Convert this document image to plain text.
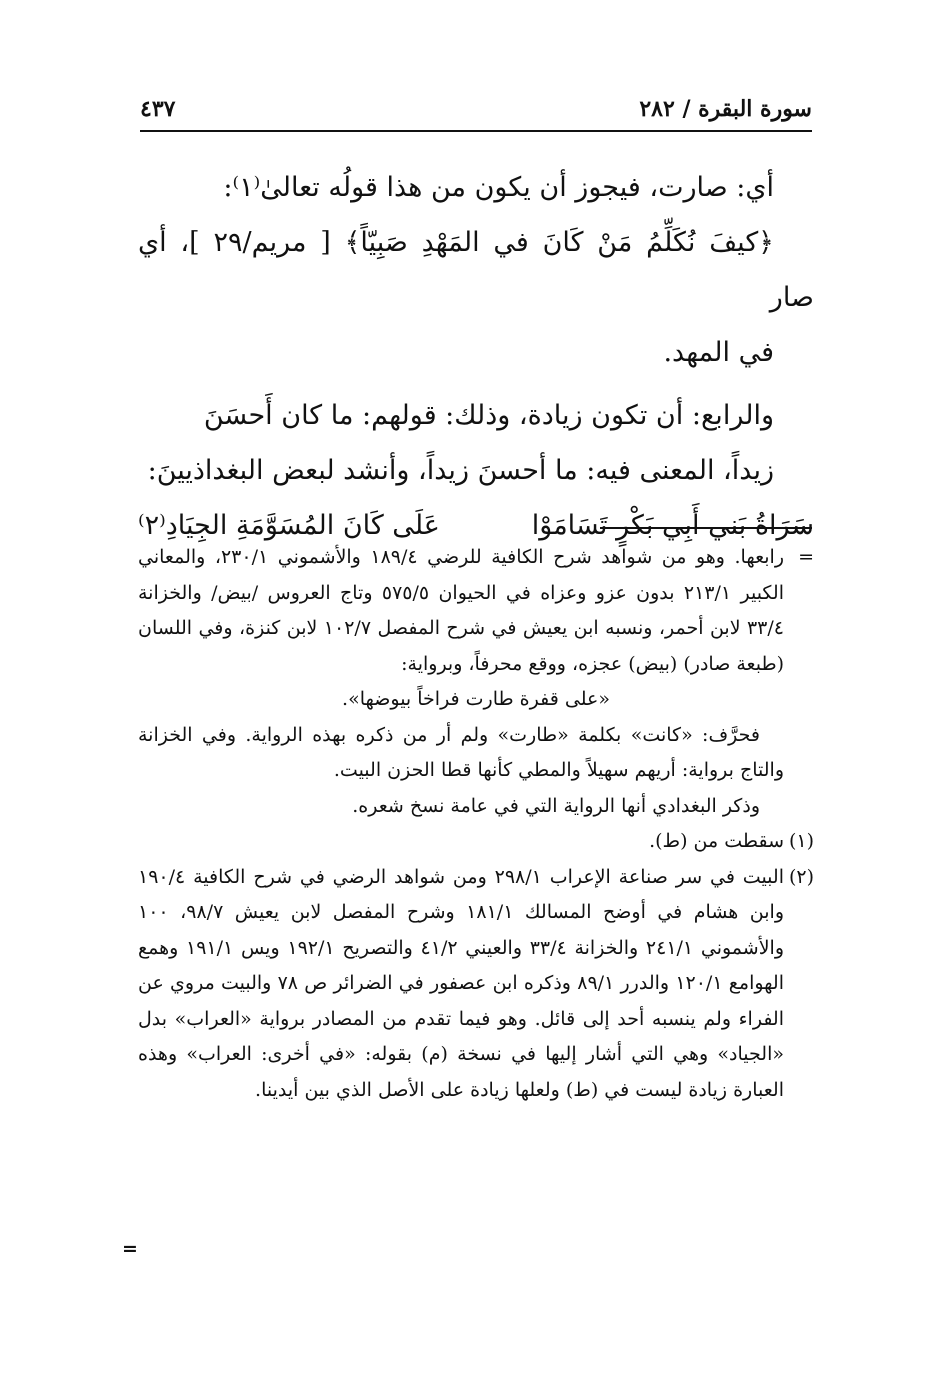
سورة البقرة / ٢٨٢
٤٣٧

أي: صارت، فيجوز أن يكون من هذا قولُه تعالىٰ⁽١⁾:
﴿كيفَ نُكَلِّمُ مَنْ كَانَ في المَهْدِ صَبِيّاً﴾ [ مريم/٢٩ ]، أي صار
في المهد.

والرابع: أن تكون زيادة، وذلك: قولهم: ما كان أَحسَنَ
زيداً، المعنى فيه: ما أحسنَ زيداً، وأنشد لبعض البغداذيينَ:

سَرَاةُ بَني أَبِي بَكْرٍ تَسَامَوْا
عَلَى كَانَ المُسَوَّمَةِ الجِيَادِ⁽٢⁾
=

رابعها. وهو من شواهد شرح الكافية للرضي ١٨٩/٤ والأشموني ٢٣٠/١، والمعاني الكبير ٢١٣/١ بدون عزو وعزاه في الحيوان ٥٧٥/٥ وتاج العروس /بيض/ والخزانة ٣٣/٤ لابن أحمر، ونسبه ابن يعيش في شرح المفصل ١٠٢/٧ لابن كنزة، وفي اللسان (طبعة صادر) (بيض) عجزه، ووقع محرفاً، وبرواية:

«على قفرة طارت فراخاً بيوضها».

فحرَّف: «كانت» بكلمة «طارت» ولم أر من ذكره بهذه الرواية. وفي الخزانة والتاج برواية: أريهم سهيلاً والمطي كأنها قطا الحزن البيت.

وذكر البغدادي أنها الرواية التي في عامة نسخ شعره.

(١)

سقطت من (ط).

(٢)

البيت في سر صناعة الإعراب ٢٩٨/١ ومن شواهد الرضي في شرح الكافية ١٩٠/٤ وابن هشام في أوضح المسالك ١٨١/١ وشرح المفصل لابن يعيش ٩٨/٧، ١٠٠ والأشموني ٢٤١/١ والخزانة ٣٣/٤ والعيني ٤١/٢ والتصريح ١٩٢/١ ويس ١٩١/١ وهمع الهوامع ١٢٠/١ والدرر ٨٩/١ وذكره ابن عصفور في الضرائر ص ٧٨ والبيت مروي عن الفراء ولم ينسبه أحد إلى قائل. وهو فيما تقدم من المصادر برواية «العراب» بدل «الجياد» وهي التي أشار إليها في نسخة (م) بقوله: «في أخرى: العراب» وهذه العبارة زيادة ليست في (ط) ولعلها زيادة على الأصل الذي بين أيدينا.

=
